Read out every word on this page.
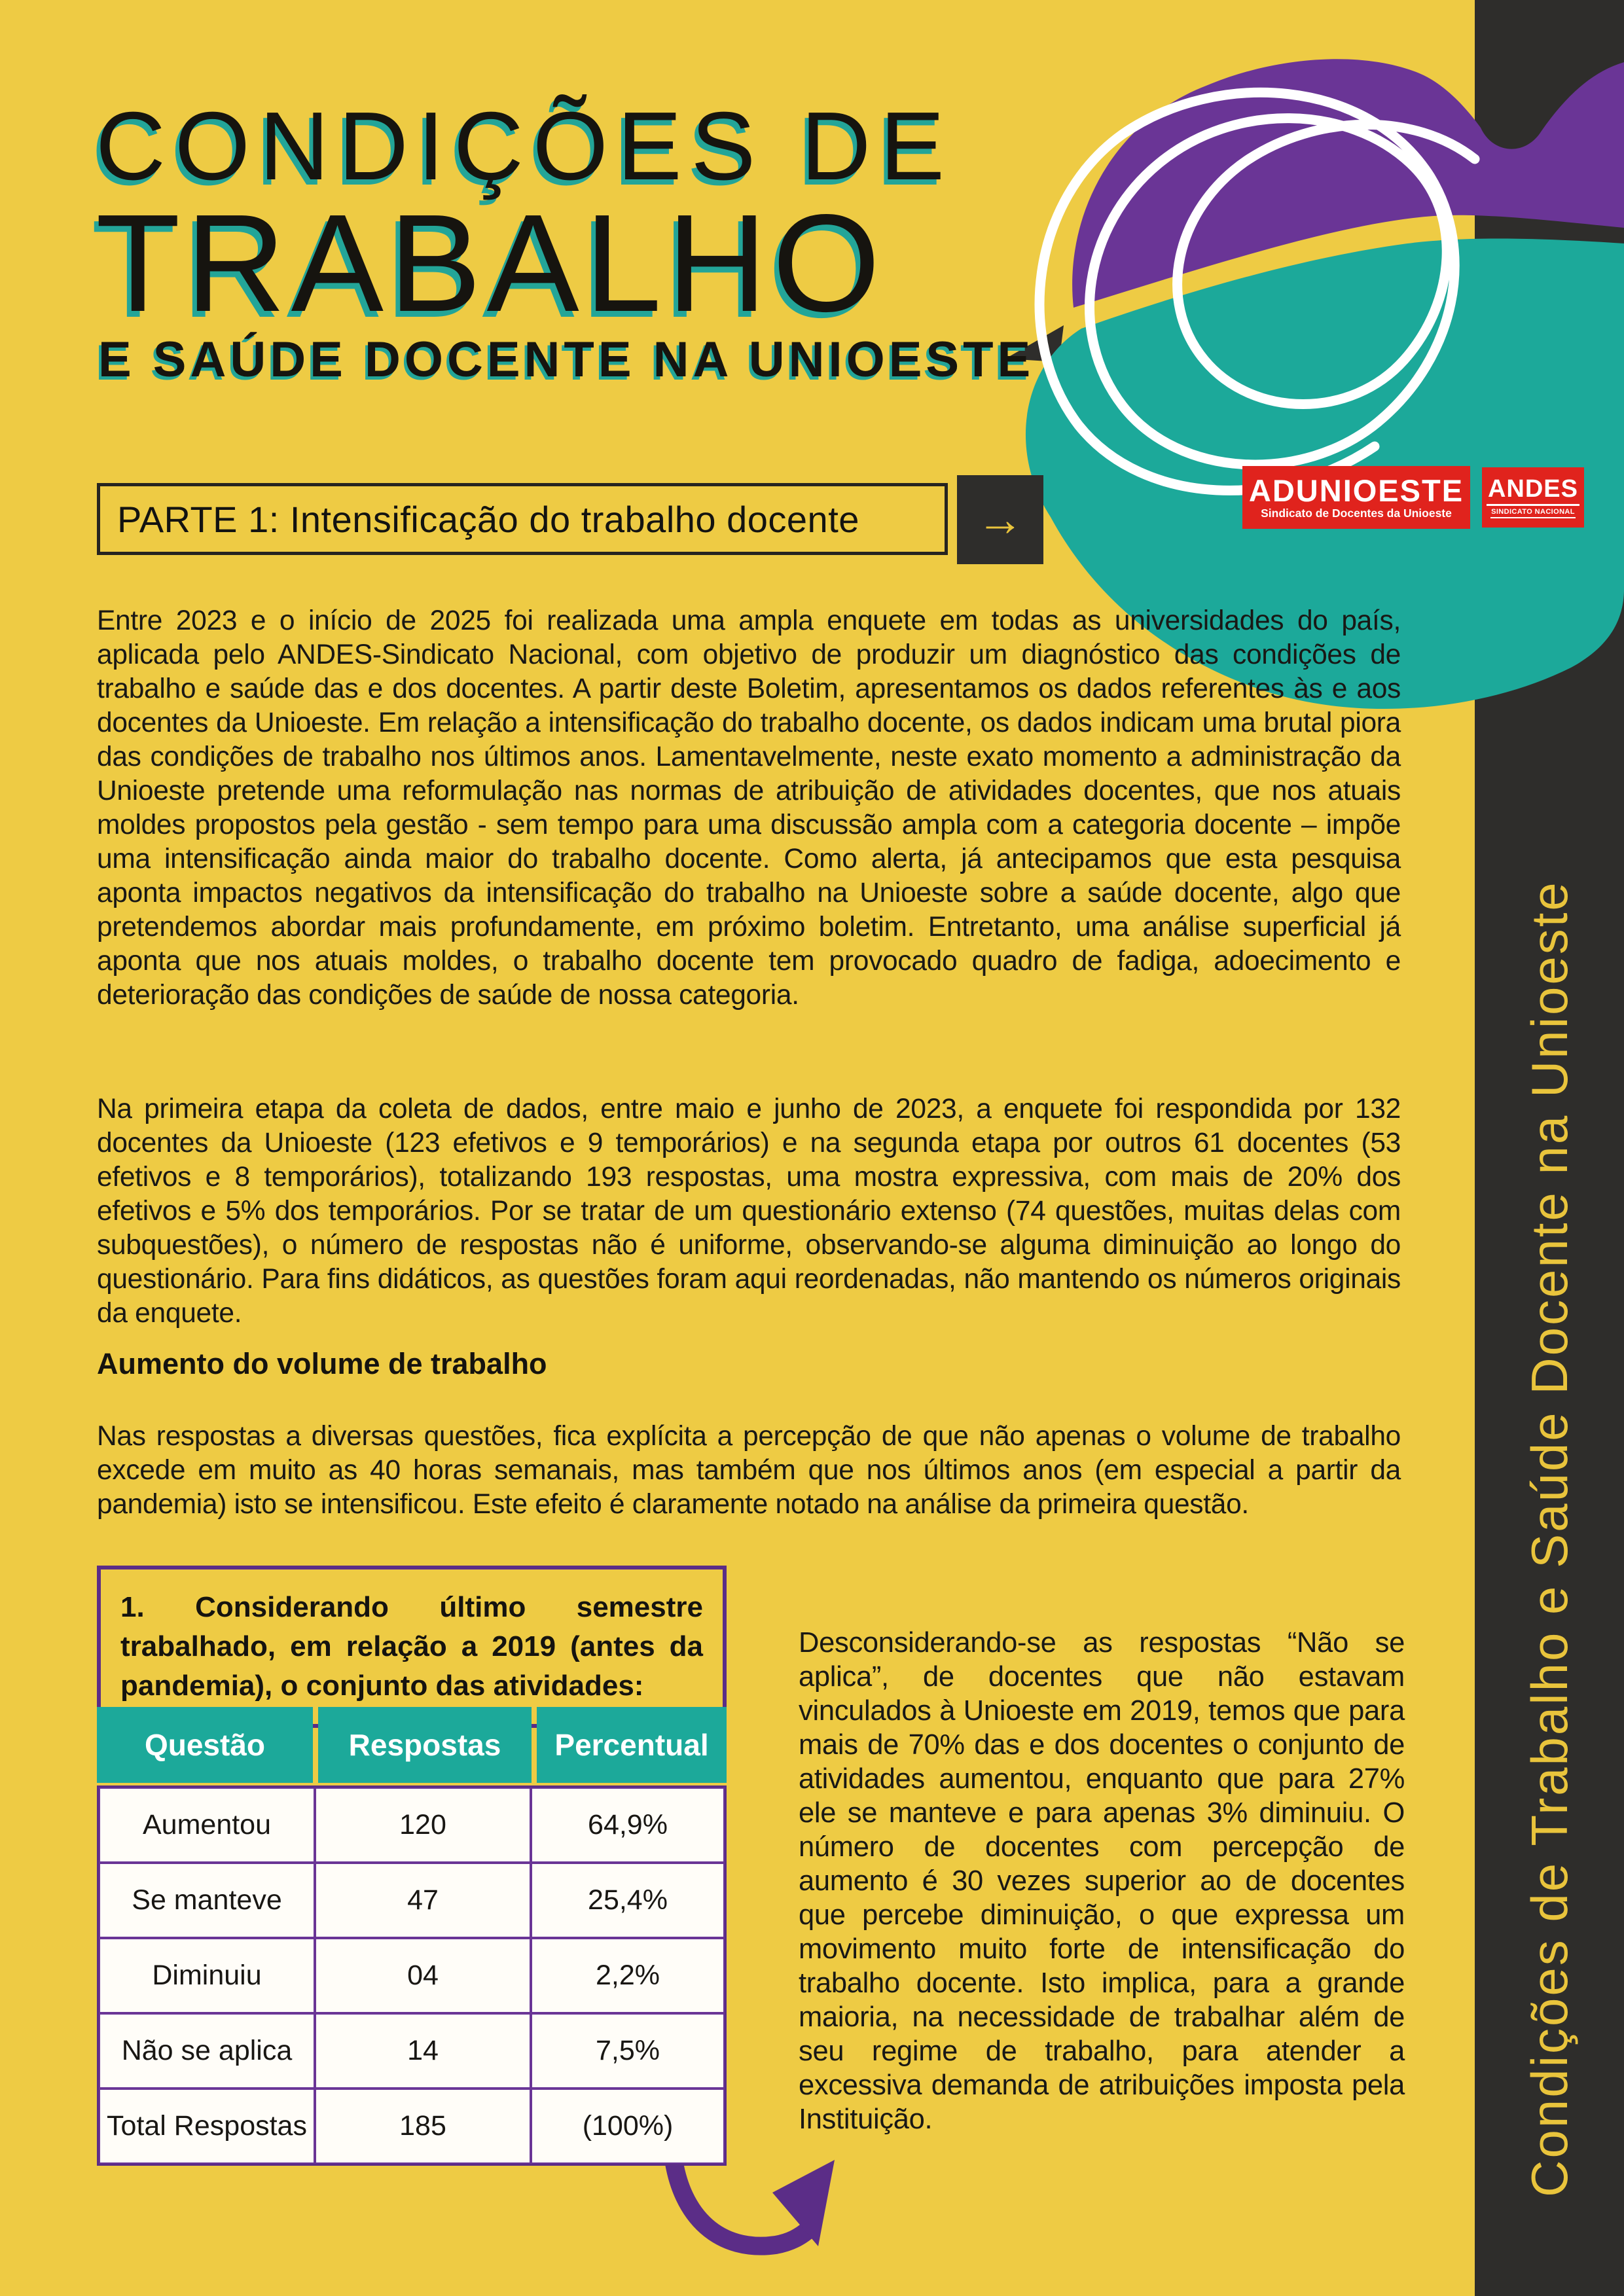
CONDIÇÕES DE
TRABALHO
E SAÚDE DOCENTE NA UNIOESTE
PARTE 1: Intensificação do trabalho docente →
ADUNIOESTE
Sindicato de Docentes da Unioeste
ANDES
SINDICATO NACIONAL

Entre 2023 e o início de 2025 foi realizada uma ampla enquete em todas as universidades do país, aplicada pelo ANDES-Sindicato Nacional, com objetivo de produzir um diagnóstico das condições de trabalho e saúde das e dos docentes. A partir deste Boletim, apresentamos os dados referentes às e aos docentes da Unioeste. Em relação a intensificação do trabalho docente, os dados indicam uma brutal piora das condições de trabalho nos últimos anos. Lamentavelmente, neste exato momento a administração da Unioeste pretende uma reformulação nas normas de atribuição de atividades docentes, que nos atuais moldes propostos pela gestão - sem tempo para uma discussão ampla com a categoria docente – impõe uma intensificação ainda maior do trabalho docente. Como alerta, já antecipamos que esta pesquisa aponta impactos negativos da intensificação do trabalho na Unioeste sobre a saúde docente, algo que pretendemos abordar mais profundamente, em próximo boletim. Entretanto, uma análise superficial já aponta que nos atuais moldes, o trabalho docente tem provocado quadro de fadiga, adoecimento e deterioração das condições de saúde de nossa categoria.

Na primeira etapa da coleta de dados, entre maio e junho de 2023, a enquete foi respondida por 132 docentes da Unioeste (123 efetivos e 9 temporários) e na segunda etapa por outros 61 docentes (53 efetivos e 8 temporários), totalizando 193 respostas, uma mostra expressiva, com mais de 20% dos efetivos e 5% dos temporários. Por se tratar de um questionário extenso (74 questões, muitas delas com subquestões), o número de respostas não é uniforme, observando-se alguma diminuição ao longo do questionário. Para fins didáticos, as questões foram aqui reordenadas, não mantendo os números originais da enquete.

Aumento do volume de trabalho

Nas respostas a diversas questões, fica explícita a percepção de que não apenas o volume de trabalho excede em muito as 40 horas semanais, mas também que nos últimos anos (em especial a partir da pandemia) isto se intensificou. Este efeito é claramente notado na análise da primeira questão.

1. Considerando último semestre trabalhado, em relação a 2019 (antes da pandemia), o conjunto das atividades:

Questão	Respostas	Percentual
Aumentou	120	64,9%
Se manteve	47	25,4%
Diminuiu	04	2,2%
Não se aplica	14	7,5%
Total Respostas	185	(100%)

Desconsiderando-se as respostas “Não se aplica”, de docentes que não estavam vinculados à Unioeste em 2019, temos que para mais de 70% das e dos docentes o conjunto de atividades aumentou, enquanto que para 27% ele se manteve e para apenas 3% diminuiu. O número de docentes com percepção de aumento é 30 vezes superior ao de docentes que percebe diminuição, o que expressa um movimento muito forte de intensificação do trabalho docente. Isto implica, para a grande maioria, na necessidade de trabalhar além de seu regime de trabalho, para atender a excessiva demanda de atribuições imposta pela Instituição.	Condições de Trabalho e Saúde Docente na Unioeste
